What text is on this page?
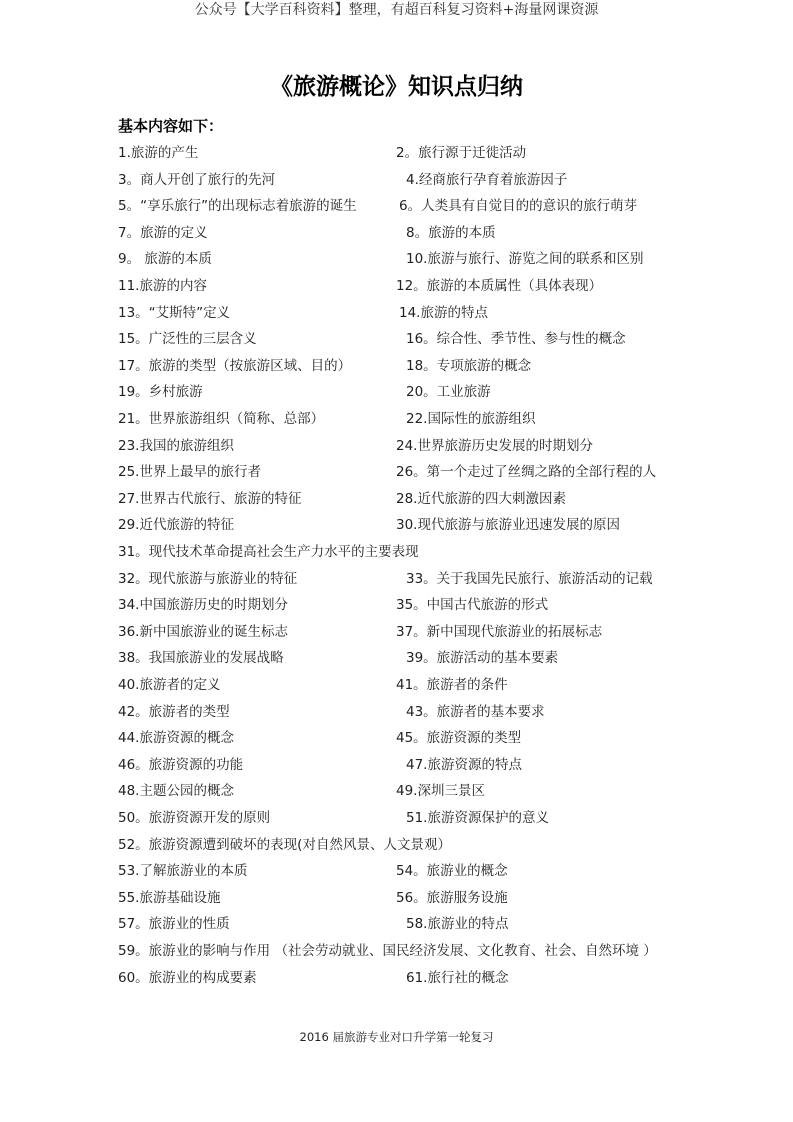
公众号【大学百科资料】整理，有超百科复习资料+海量网课资源
《旅游概论》知识点归纳
基本内容如下：
1.旅游的产生	2。旅行源于迁徙活动
3。商人开创了旅行的先河	4.经商旅行孕育着旅游因子
5。“享乐旅行”的出现标志着旅游的诞生	6。人类具有自觉目的的意识的旅行萌芽
7。旅游的定义	8。旅游的本质
9。 旅游的本质	10.旅游与旅行、游览之间的联系和区别
11.旅游的内容	12。旅游的本质属性（具体表现）
13。“艾斯特”定义	14.旅游的特点
15。广泛性的三层含义	16。综合性、季节性、参与性的概念
17。旅游的类型（按旅游区域、目的）	18。专项旅游的概念
19。乡村旅游	20。工业旅游
21。世界旅游组织（简称、总部）	22.国际性的旅游组织
23.我国的旅游组织	24.世界旅游历史发展的时期划分
25.世界上最早的旅行者	26。第一个走过了丝绸之路的全部行程的人
27.世界古代旅行、旅游的特征	28.近代旅游的四大刺激因素
29.近代旅游的特征	30.现代旅游与旅游业迅速发展的原因
31。现代技术革命提高社会生产力水平的主要表现
32。现代旅游与旅游业的特征	33。关于我国先民旅行、旅游活动的记载
34.中国旅游历史的时期划分	35。中国古代旅游的形式
36.新中国旅游业的诞生标志	37。新中国现代旅游业的拓展标志
38。我国旅游业的发展战略	39。旅游活动的基本要素
40.旅游者的定义	41。旅游者的条件
42。旅游者的类型	43。旅游者的基本要求
44.旅游资源的概念	45。旅游资源的类型
46。旅游资源的功能	47.旅游资源的特点
48.主题公园的概念	49.深圳三景区
50。旅游资源开发的原则	51.旅游资源保护的意义
52。旅游资源遭到破坏的表现(对自然风景、人文景观）
53.了解旅游业的本质	54。旅游业的概念
55.旅游基础设施	56。旅游服务设施
57。旅游业的性质	58.旅游业的特点
59。旅游业的影响与作用 （社会劳动就业、国民经济发展、文化教育、社会、自然环境 ）
60。旅游业的构成要素	61.旅行社的概念
2016 届旅游专业对口升学第一轮复习
